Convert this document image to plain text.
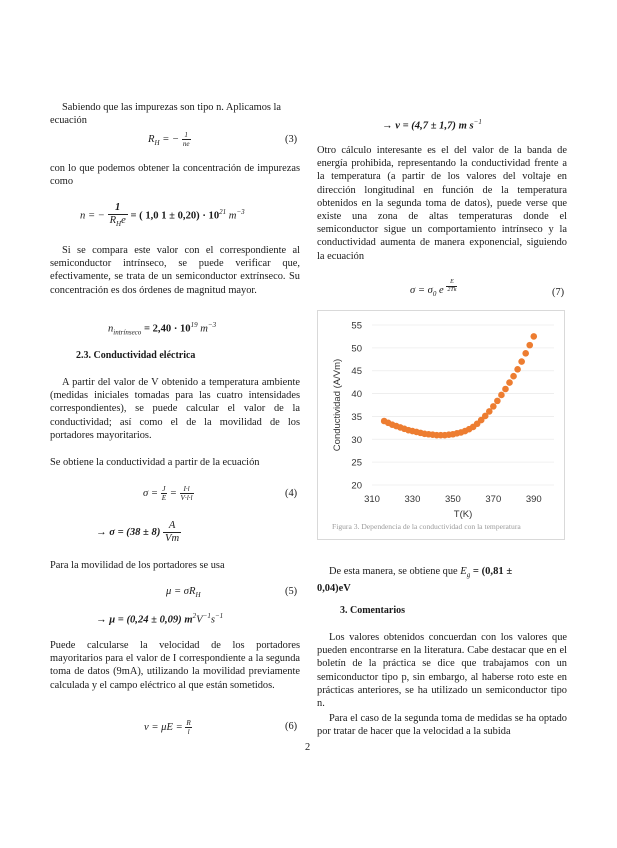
Sabiendo que las impurezas son tipo n. Aplicamos la ecuación
$R_H$ = − $\frac{1}{ne}$	(3)
con lo que podemos obtener la concentración de impurezas como
n = −
1
$R_He$ = ( 1,0 $1 \pm 0,20) \cdot 10^{21}$ $m^{-3}$
Si se compara este valor con el correspondiente al semiconductor intrínseco, se puede verificar que, efectivamente, se trata de un semiconductor extrínseco. Su concentración es dos órdenes de magnitud mayor.
$n_{intrínseco} = 2,40 \cdot 10^{19}$ $m^{-3}$
2.3. Conductividad eléctrica
A partir del valor de V obtenido a temperatura ambiente (medidas iniciales tomadas para las cuatro intensidades correspondientes), se puede calcular el valor de la conductividad; así como el de la movilidad de los portadores mayoritarios.
Se obtiene la conductividad a partir de la ecuación
$\sigma = \frac{J}{E} = \frac{I\cdot l}{V\cdot l\cdot l}$	(4)
→ $\sigma = (38 \pm 8) \frac{A}{Vm}$
Para la movilidad de los portadores se usa
$\mu = \sigma R_H$	(5)
→ μ = (0,24 ± 0,09) $m^2V^{-1}s^{-1}$
Puede calcularse la velocidad de los portadores mayoritarios para el valor de I correspondiente a la segunda toma de datos (9mA), utilizando la movilidad previamente calculada y el campo eléctrico al que están sometidos.
$v = \mu E = \frac{R}{l}$	(6)
→ v = (4,7 ± 1,7) m $s^{-1}$
Otro cálculo interesante es el del valor de la banda de energía prohibida, representando la conductividad frente a la temperatura (a partir de los valores del voltaje en dirección longitudinal en función de la temperatura obtenidos en la segunda toma de datos), puede verse que existe una zona de altas temperaturas donde el semiconductor sigue un comportamiento intrínseco y la conductividad aumenta de manera exponencial, siguiendo la ecuación
$\sigma = \sigma_0$ e $\frac{E}{2Tk}$	(7)
20
25
30
35
40
45
50
55
310	330	350	370	390
Conductividad (A/Vm)
T(K)
Figura 3. Dependencia de la conductividad con la temperatura
De esta manera, se obtiene que $E_g = (0,81$ ±
0,04)eV
3. Comentarios
Los valores obtenidos concuerdan con los valores que pueden encontrarse en la literatura. Cabe destacar que en el boletín de la práctica se dice que trabajamos con un semiconductor tipo p, sin embargo, al haberse roto este en prácticas anteriores, se ha utilizado un semiconductor tipo n.
Para el caso de la segunda toma de medidas se ha optado por tratar de hacer que la velocidad a la subida
2
